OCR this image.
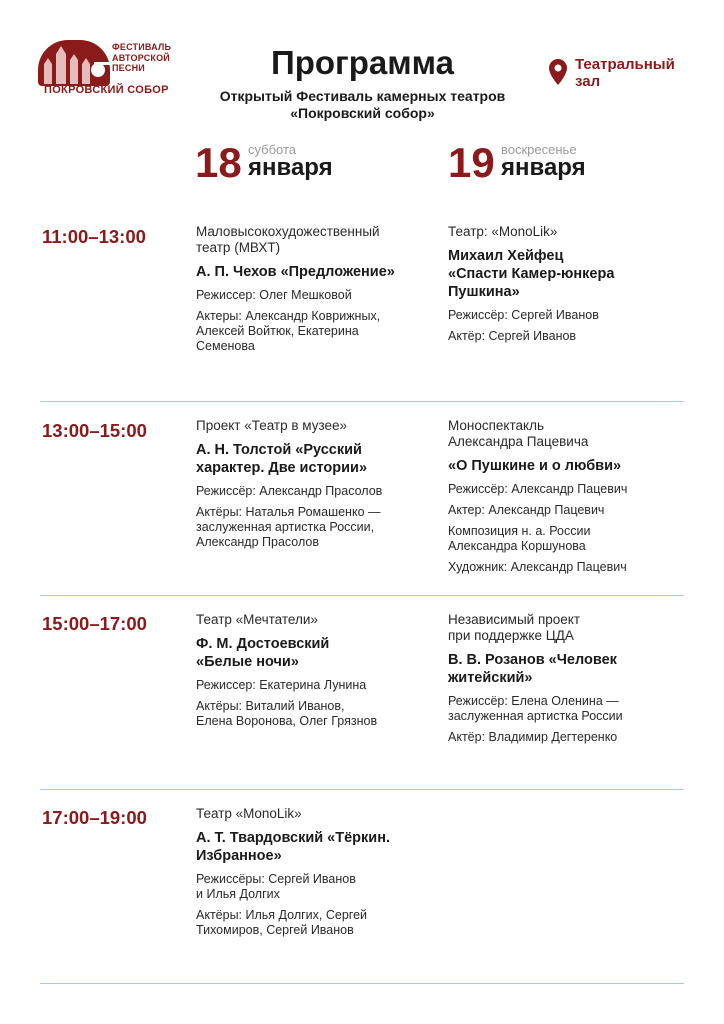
ФЕСТИВАЛЬ
АВТОРСКОЙ ПЕСНИ
ПОКРОВСКИЙ СОБОР
Программа
Открытый Фестиваль камерных театров
«Покровский собор»
Театральный
зал
18 суббота
января	19 воскресенье
января
11:00–13:00
13:00–15:00
15:00–17:00
17:00–19:00
Маловысокохудожественный
театр (МВХТ)
А. П. Чехов «Предложение»
Режиссер: Олег Мешковой
Актеры: Александр Коврижных,
Алексей Войтюк, Екатерина
Семенова
Театр: «MonoLik»
Михаил Хейфец
«Спасти Камер-юнкера
Пушкина»
Режиссёр: Сергей Иванов
Актёр: Сергей Иванов
Проект «Театр в музее»
А. Н. Толстой «Русский
характер. Две истории»
Режиссёр: Александр Прасолов
Актёры: Наталья Ромашенко —
заслуженная артистка России,
Александр Прасолов
Моноспектакль
Александра Пацевича
«О Пушкине и о любви»
Режиссёр: Александр Пацевич
Актер: Александр Пацевич
Композиция н. а. России
Александра Коршунова
Художник: Александр Пацевич
Театр «Мечтатели»
Ф. М. Достоевский
«Белые ночи»
Режиссер: Екатерина Лунина
Актёры: Виталий Иванов,
Елена Воронова, Олег Грязнов
Независимый проект
при поддержке ЦДА
В. В. Розанов «Человек
житейский»
Режиссёр: Елена Оленина —
заслуженная артистка России
Актёр: Владимир Дегтеренко
Театр «MonoLik»
А. Т. Твардовский «Тёркин.
Избранное»
Режиссёры: Сергей Иванов
и Илья Долгих
Актёры: Илья Долгих, Сергей
Тихомиров, Сергей Иванов
